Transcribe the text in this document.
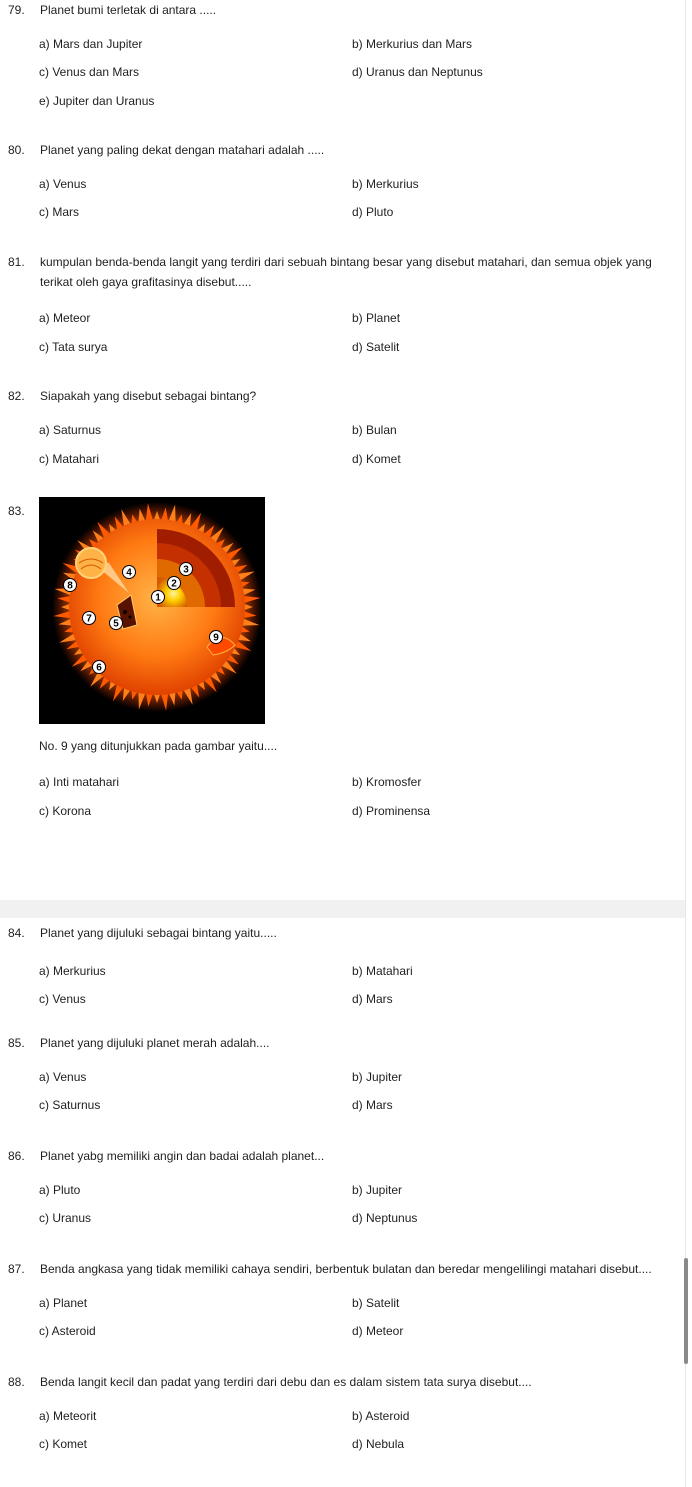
79. Planet bumi terletak di antara .....
a) Mars dan Jupiter	b) Merkurius dan Mars
c) Venus dan Mars	d) Uranus dan Neptunus
e) Jupiter dan Uranus
80. Planet yang paling dekat dengan matahari adalah .....
a) Venus	b) Merkurius
c) Mars	d) Pluto
81. kumpulan benda-benda langit yang terdiri dari sebuah bintang besar yang disebut matahari, dan semua objek yang
terikat oleh gaya grafitasinya disebut.....
a) Meteor	b) Planet
c) Tata surya	d) Satelit
82. Siapakah yang disebut sebagai bintang?
a) Saturnus	b) Bulan
c) Matahari	d) Komet
83.
No. 9 yang ditunjukkan pada gambar yaitu....
a) Inti matahari	b) Kromosfer
c) Korona	d) Prominensa
1
2
3
4
5
6
7
8
9
84. Planet yang dijuluki sebagai bintang yaitu.....
a) Merkurius	b) Matahari
c) Venus	d) Mars
85. Planet yang dijuluki planet merah adalah....
a) Venus	b) Jupiter
c) Saturnus	d) Mars
86. Planet yabg memiliki angin dan badai adalah planet...
a) Pluto	b) Jupiter
c) Uranus	d) Neptunus
87. Benda angkasa yang tidak memiliki cahaya sendiri, berbentuk bulatan dan beredar mengelilingi matahari disebut....
a) Planet	b) Satelit
c) Asteroid	d) Meteor
88. Benda langit kecil dan padat yang terdiri dari debu dan es dalam sistem tata surya disebut....
a) Meteorit	b) Asteroid
c) Komet	d) Nebula
